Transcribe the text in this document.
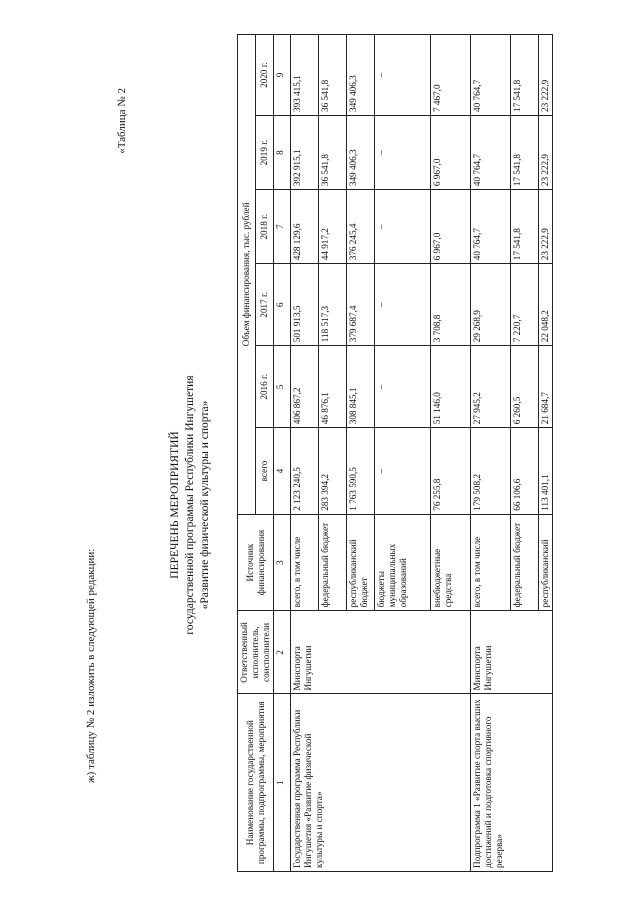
ж) таблицу № 2 изложить в следующей редакции:
«Таблица № 2
ПЕРЕЧЕНЬ МЕРОПРИЯТИЙ государственной программы Республики Ингушетия «Развитие физической культуры и спорта»
Наименование государственной программы, подпрограммы, мероприятия	Ответственный исполнитель, соисполнители	Источник финансирования	Объем финансирования, тыс. рублей					
			всего	2016 г.	2017 г.	2018 г.	2019 г.	2020 г.
1	2	3	4	5	6	7	8	9
Государственная программа Республики Ингушетия «Развитие физической культуры и спорта»	Минспорта Ингушетии	всего, в том числе	2 123 240,5	406 867,2	501 913,5	428 129,6	392 915,1	393 415,1
		федеральный бюджет	283 394,2	46 876,1	118 517,3	44 917,2	36 541,8	36 541,8
		республиканский бюджет	1 763 590,5	308 845,1	379 687,4	376 245,4	349 406,3	349 406,3
		бюджеты муниципальных образований	–	–	–	–	–	–
		внебюджетные средства	76 255,8	51 146,0	3 708,8	6 967,0	6 967,0	7 467,0
Подпрограмма 1 «Развитие спорта высших достижений и подготовка спортивного резерва»	Минспорта Ингушетии	всего, в том числе	179 508,2	27 945,2	29 268,9	40 764,7	40 764,7	40 764,7
		федеральный бюджет	66 106,6	6 260,5	7 220,7	17 541,8	17 541,8	17 541,8
		республиканский	113 401,1	21 684,7	22 048,2	23 222,9	23 222,9	23 222,9
